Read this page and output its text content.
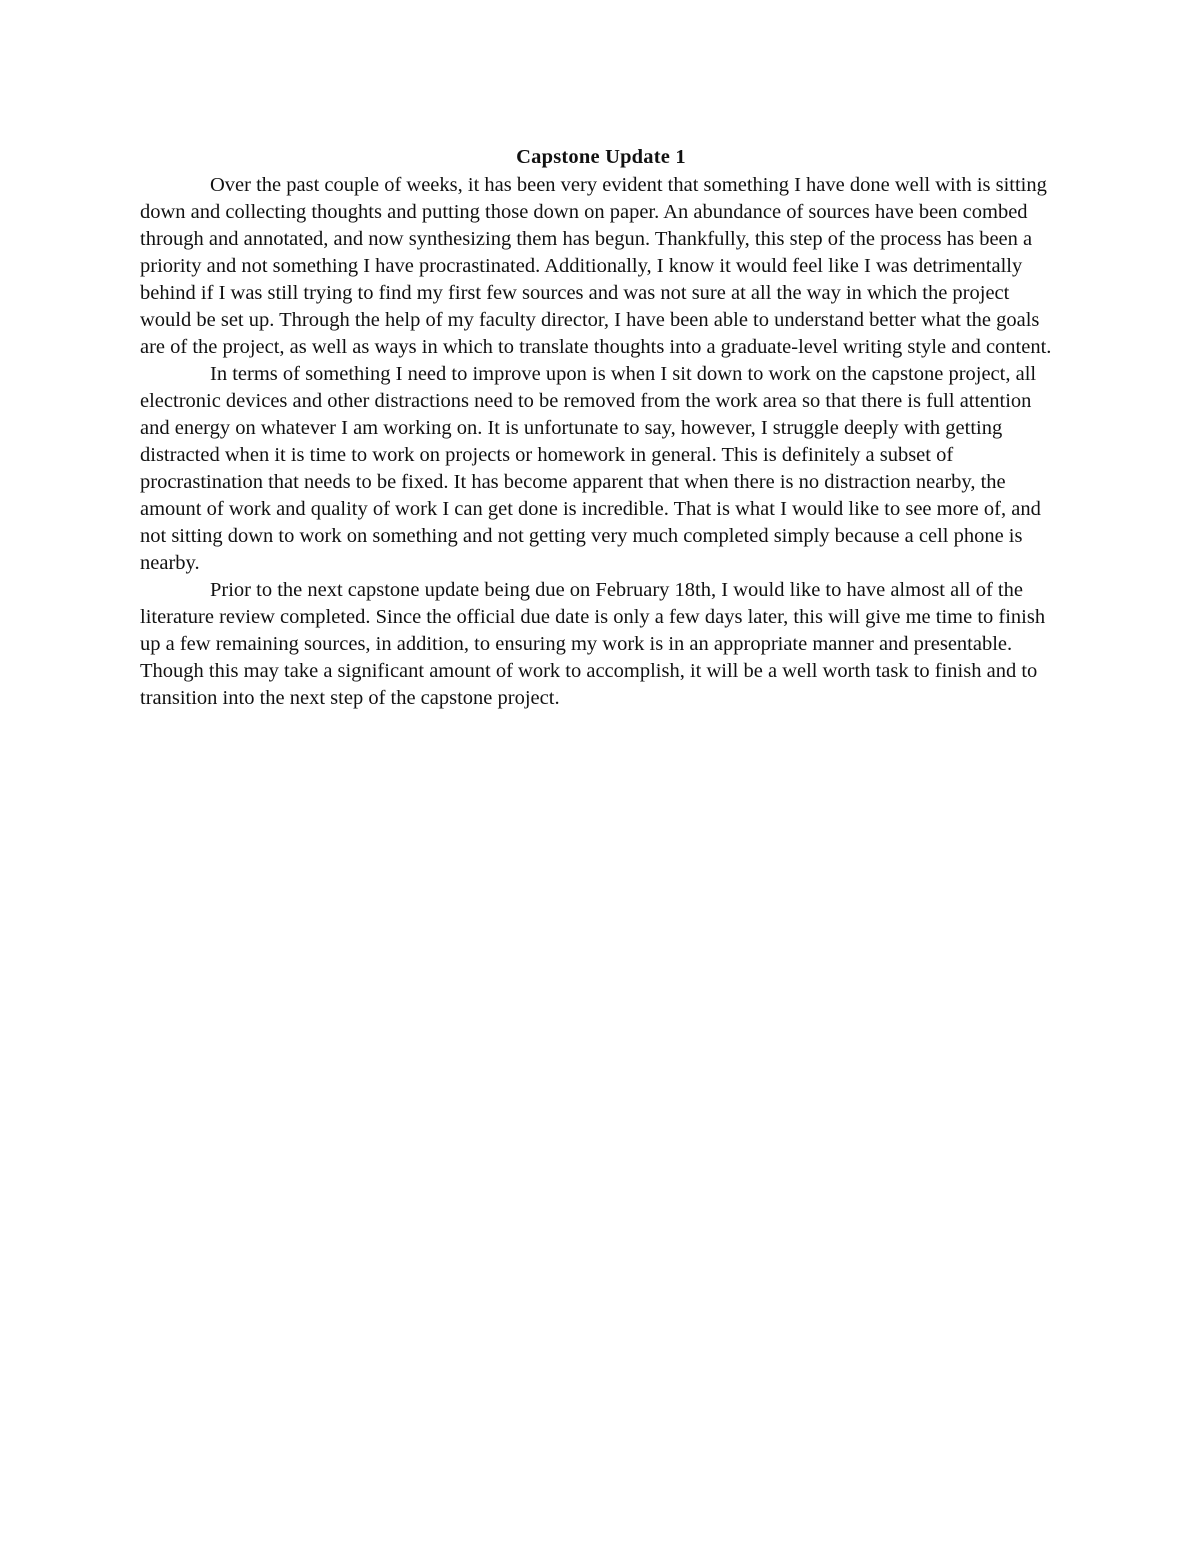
Capstone Update 1

Over the past couple of weeks, it has been very evident that something I have done well with is sitting down and collecting thoughts and putting those down on paper. An abundance of sources have been combed through and annotated, and now synthesizing them has begun. Thankfully, this step of the process has been a priority and not something I have procrastinated. Additionally, I know it would feel like I was detrimentally behind if I was still trying to find my first few sources and was not sure at all the way in which the project would be set up. Through the help of my faculty director, I have been able to understand better what the goals are of the project, as well as ways in which to translate thoughts into a graduate-level writing style and content.

In terms of something I need to improve upon is when I sit down to work on the capstone project, all electronic devices and other distractions need to be removed from the work area so that there is full attention and energy on whatever I am working on. It is unfortunate to say, however, I struggle deeply with getting distracted when it is time to work on projects or homework in general. This is definitely a subset of procrastination that needs to be fixed. It has become apparent that when there is no distraction nearby, the amount of work and quality of work I can get done is incredible. That is what I would like to see more of, and not sitting down to work on something and not getting very much completed simply because a cell phone is nearby.

Prior to the next capstone update being due on February 18th, I would like to have almost all of the literature review completed. Since the official due date is only a few days later, this will give me time to finish up a few remaining sources, in addition, to ensuring my work is in an appropriate manner and presentable. Though this may take a significant amount of work to accomplish, it will be a well worth task to finish and to transition into the next step of the capstone project.
